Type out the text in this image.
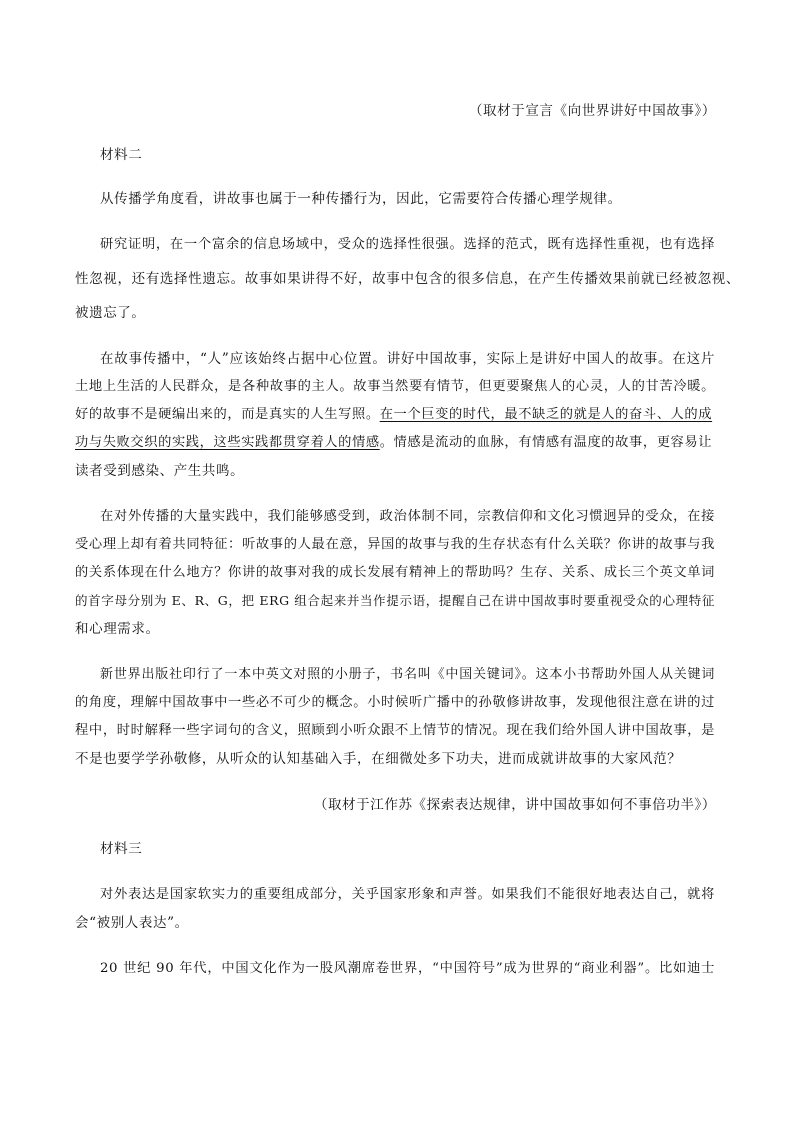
（取材于宣言《向世界讲好中国故事》）
材料二
从传播学角度看，讲故事也属于一种传播行为，因此，它需要符合传播心理学规律。
研究证明，在一个富余的信息场域中，受众的选择性很强。选择的范式，既有选择性重视，也有选择
性忽视，还有选择性遗忘。故事如果讲得不好，故事中包含的很多信息，在产生传播效果前就已经被忽视、
被遗忘了。
在故事传播中，“人”应该始终占据中心位置。讲好中国故事，实际上是讲好中国人的故事。在这片
土地上生活的人民群众，是各种故事的主人。故事当然要有情节，但更要聚焦人的心灵，人的甘苦冷暖。
好的故事不是硬编出来的，而是真实的人生写照。在一个巨变的时代，最不缺乏的就是人的奋斗、人的成
功与失败交织的实践，这些实践都贯穿着人的情感。情感是流动的血脉，有情感有温度的故事，更容易让
读者受到感染、产生共鸣。
在对外传播的大量实践中，我们能够感受到，政治体制不同，宗教信仰和文化习惯迥异的受众，在接
受心理上却有着共同特征：听故事的人最在意，异国的故事与我的生存状态有什么关联？你讲的故事与我
的关系体现在什么地方？你讲的故事对我的成长发展有精神上的帮助吗？生存、关系、成长三个英文单词
的首字母分别为 E、R、G，把 ERG 组合起来并当作提示语，提醒自己在讲中国故事时要重视受众的心理特征
和心理需求。
新世界出版社印行了一本中英文对照的小册子，书名叫《中国关键词》。这本小书帮助外国人从关键词
的角度，理解中国故事中一些必不可少的概念。小时候听广播中的孙敬修讲故事，发现他很注意在讲的过
程中，时时解释一些字词句的含义，照顾到小听众跟不上情节的情况。现在我们给外国人讲中国故事，是
不是也要学学孙敬修，从听众的认知基础入手，在细微处多下功夫，进而成就讲故事的大家风范？
（取材于江作苏《探索表达规律，讲中国故事如何不事倍功半》）
材料三
对外表达是国家软实力的重要组成部分，关乎国家形象和声誉。如果我们不能很好地表达自己，就将
会“被别人表达”。
20 世纪 90 年代，中国文化作为一股风潮席卷世界，“中国符号”成为世界的“商业利器”。比如迪士
